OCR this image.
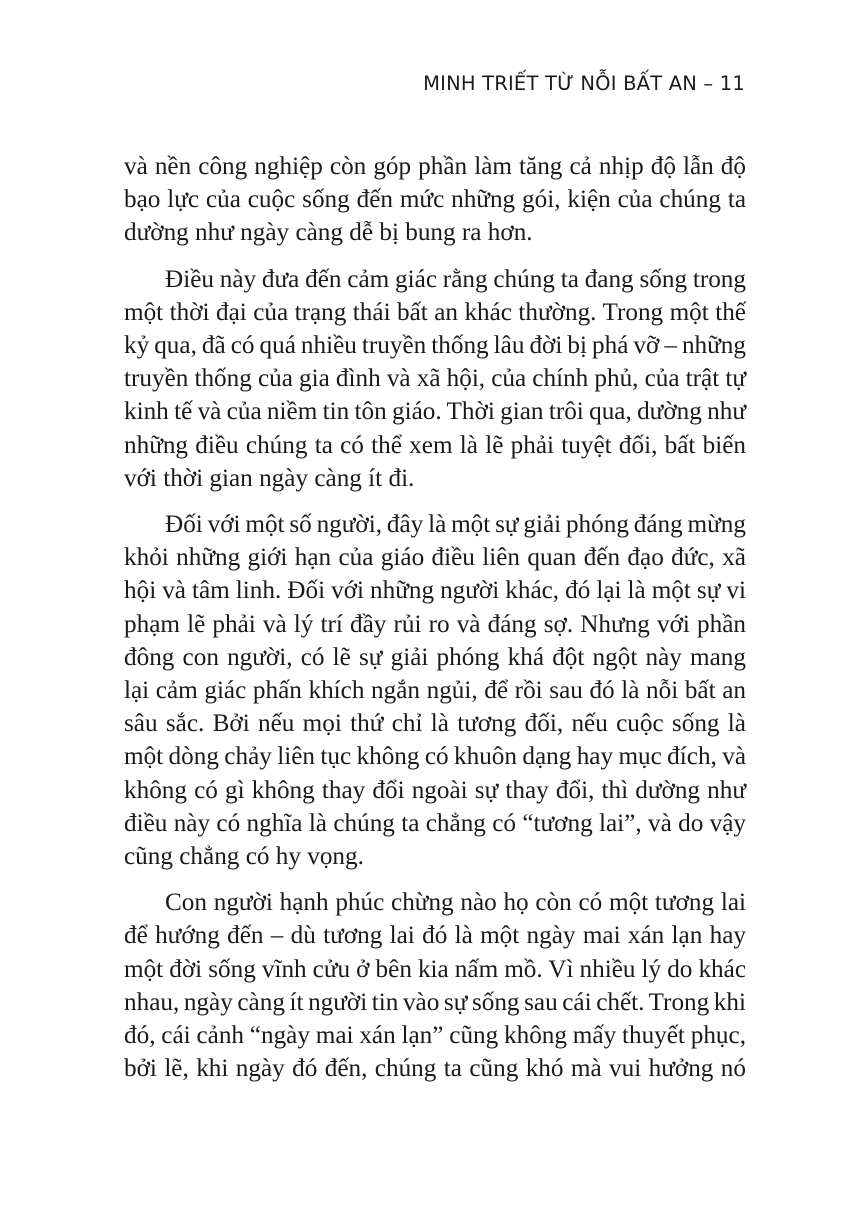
MINH TRIẾT TỪ NỖI BẤT AN – 11
và nền công nghiệp còn góp phần làm tăng cả nhịp độ lẫn độ
bạo lực của cuộc sống đến mức những gói, kiện của chúng ta
dường như ngày càng dễ bị bung ra hơn.
Điều này đưa đến cảm giác rằng chúng ta đang sống trong
một thời đại của trạng thái bất an khác thường. Trong một thế
kỷ qua, đã có quá nhiều truyền thống lâu đời bị phá vỡ – những
truyền thống của gia đình và xã hội, của chính phủ, của trật tự
kinh tế và của niềm tin tôn giáo. Thời gian trôi qua, dường như
những điều chúng ta có thể xem là lẽ phải tuyệt đối, bất biến
với thời gian ngày càng ít đi.
Đối với một số người, đây là một sự giải phóng đáng mừng
khỏi những giới hạn của giáo điều liên quan đến đạo đức, xã
hội và tâm linh. Đối với những người khác, đó lại là một sự vi
phạm lẽ phải và lý trí đầy rủi ro và đáng sợ. Nhưng với phần
đông con người, có lẽ sự giải phóng khá đột ngột này mang
lại cảm giác phấn khích ngắn ngủi, để rồi sau đó là nỗi bất an
sâu sắc. Bởi nếu mọi thứ chỉ là tương đối, nếu cuộc sống là
một dòng chảy liên tục không có khuôn dạng hay mục đích, và
không có gì không thay đổi ngoài sự thay đổi, thì dường như
điều này có nghĩa là chúng ta chẳng có “tương lai”, và do vậy
cũng chẳng có hy vọng.
Con người hạnh phúc chừng nào họ còn có một tương lai
để hướng đến – dù tương lai đó là một ngày mai xán lạn hay
một đời sống vĩnh cửu ở bên kia nấm mồ. Vì nhiều lý do khác
nhau, ngày càng ít người tin vào sự sống sau cái chết. Trong khi
đó, cái cảnh “ngày mai xán lạn” cũng không mấy thuyết phục,
bởi lẽ, khi ngày đó đến, chúng ta cũng khó mà vui hưởng nó
